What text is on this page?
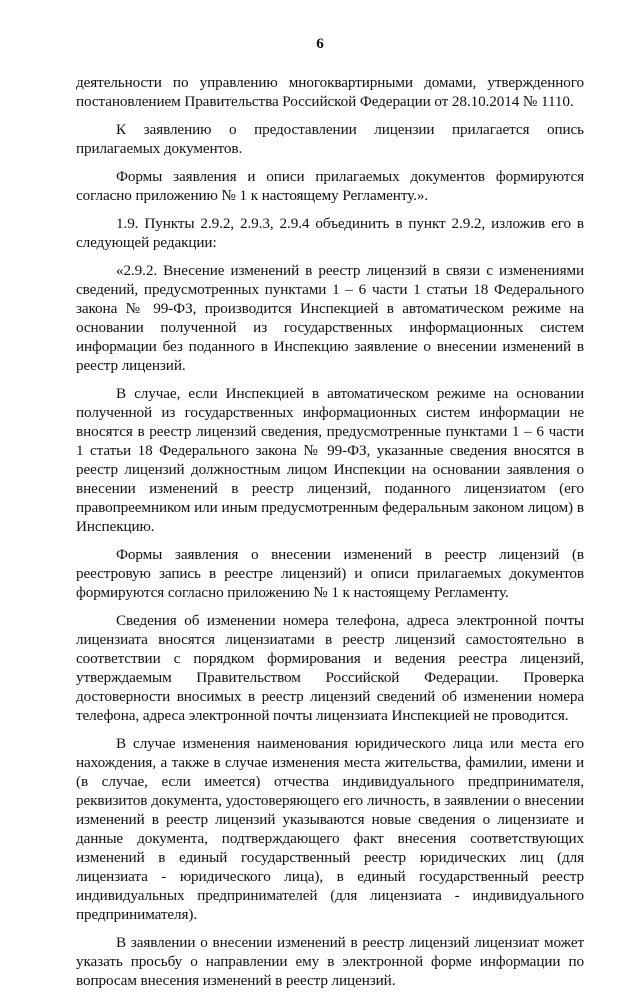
6

деятельности по управлению многоквартирными домами, утвержденного постановлением Правительства Российской Федерации от 28.10.2014 № 1110.

К заявлению о предоставлении лицензии прилагается опись прилагаемых документов.

Формы заявления и описи прилагаемых документов формируются согласно приложению № 1 к настоящему Регламенту.».

1.9. Пункты 2.9.2, 2.9.3, 2.9.4 объединить в пункт 2.9.2, изложив его в следующей редакции:

«2.9.2. Внесение изменений в реестр лицензий в связи с изменениями сведений, предусмотренных пунктами 1 – 6 части 1 статьи 18 Федерального закона № 99-ФЗ, производится Инспекцией в автоматическом режиме на основании полученной из государственных информационных систем информации без поданного в Инспекцию заявление о внесении изменений в реестр лицензий.

В случае, если Инспекцией в автоматическом режиме на основании полученной из государственных информационных систем информации не вносятся в реестр лицензий сведения, предусмотренные пунктами 1 – 6 части 1 статьи 18 Федерального закона № 99-ФЗ, указанные сведения вносятся в реестр лицензий должностным лицом Инспекции на основании заявления о внесении изменений в реестр лицензий, поданного лицензиатом (его правопреемником или иным предусмотренным федеральным законом лицом) в Инспекцию.

Формы заявления о внесении изменений в реестр лицензий (в реестровую запись в реестре лицензий) и описи прилагаемых документов формируются согласно приложению № 1 к настоящему Регламенту.

Сведения об изменении номера телефона, адреса электронной почты лицензиата вносятся лицензиатами в реестр лицензий самостоятельно в соответствии с порядком формирования и ведения реестра лицензий, утверждаемым Правительством Российской Федерации. Проверка достоверности вносимых в реестр лицензий сведений об изменении номера телефона, адреса электронной почты лицензиата Инспекцией не проводится.

В случае изменения наименования юридического лица или места его нахождения, а также в случае изменения места жительства, фамилии, имени и (в случае, если имеется) отчества индивидуального предпринимателя, реквизитов документа, удостоверяющего его личность, в заявлении о внесении изменений в реестр лицензий указываются новые сведения о лицензиате и данные документа, подтверждающего факт внесения соответствующих изменений в единый государственный реестр юридических лиц (для лицензиата - юридического лица), в единый государственный реестр индивидуальных предпринимателей (для лицензиата - индивидуального предпринимателя).

В заявлении о внесении изменений в реестр лицензий лицензиат может указать просьбу о направлении ему в электронной форме информации по вопросам внесения изменений в реестр лицензий.
